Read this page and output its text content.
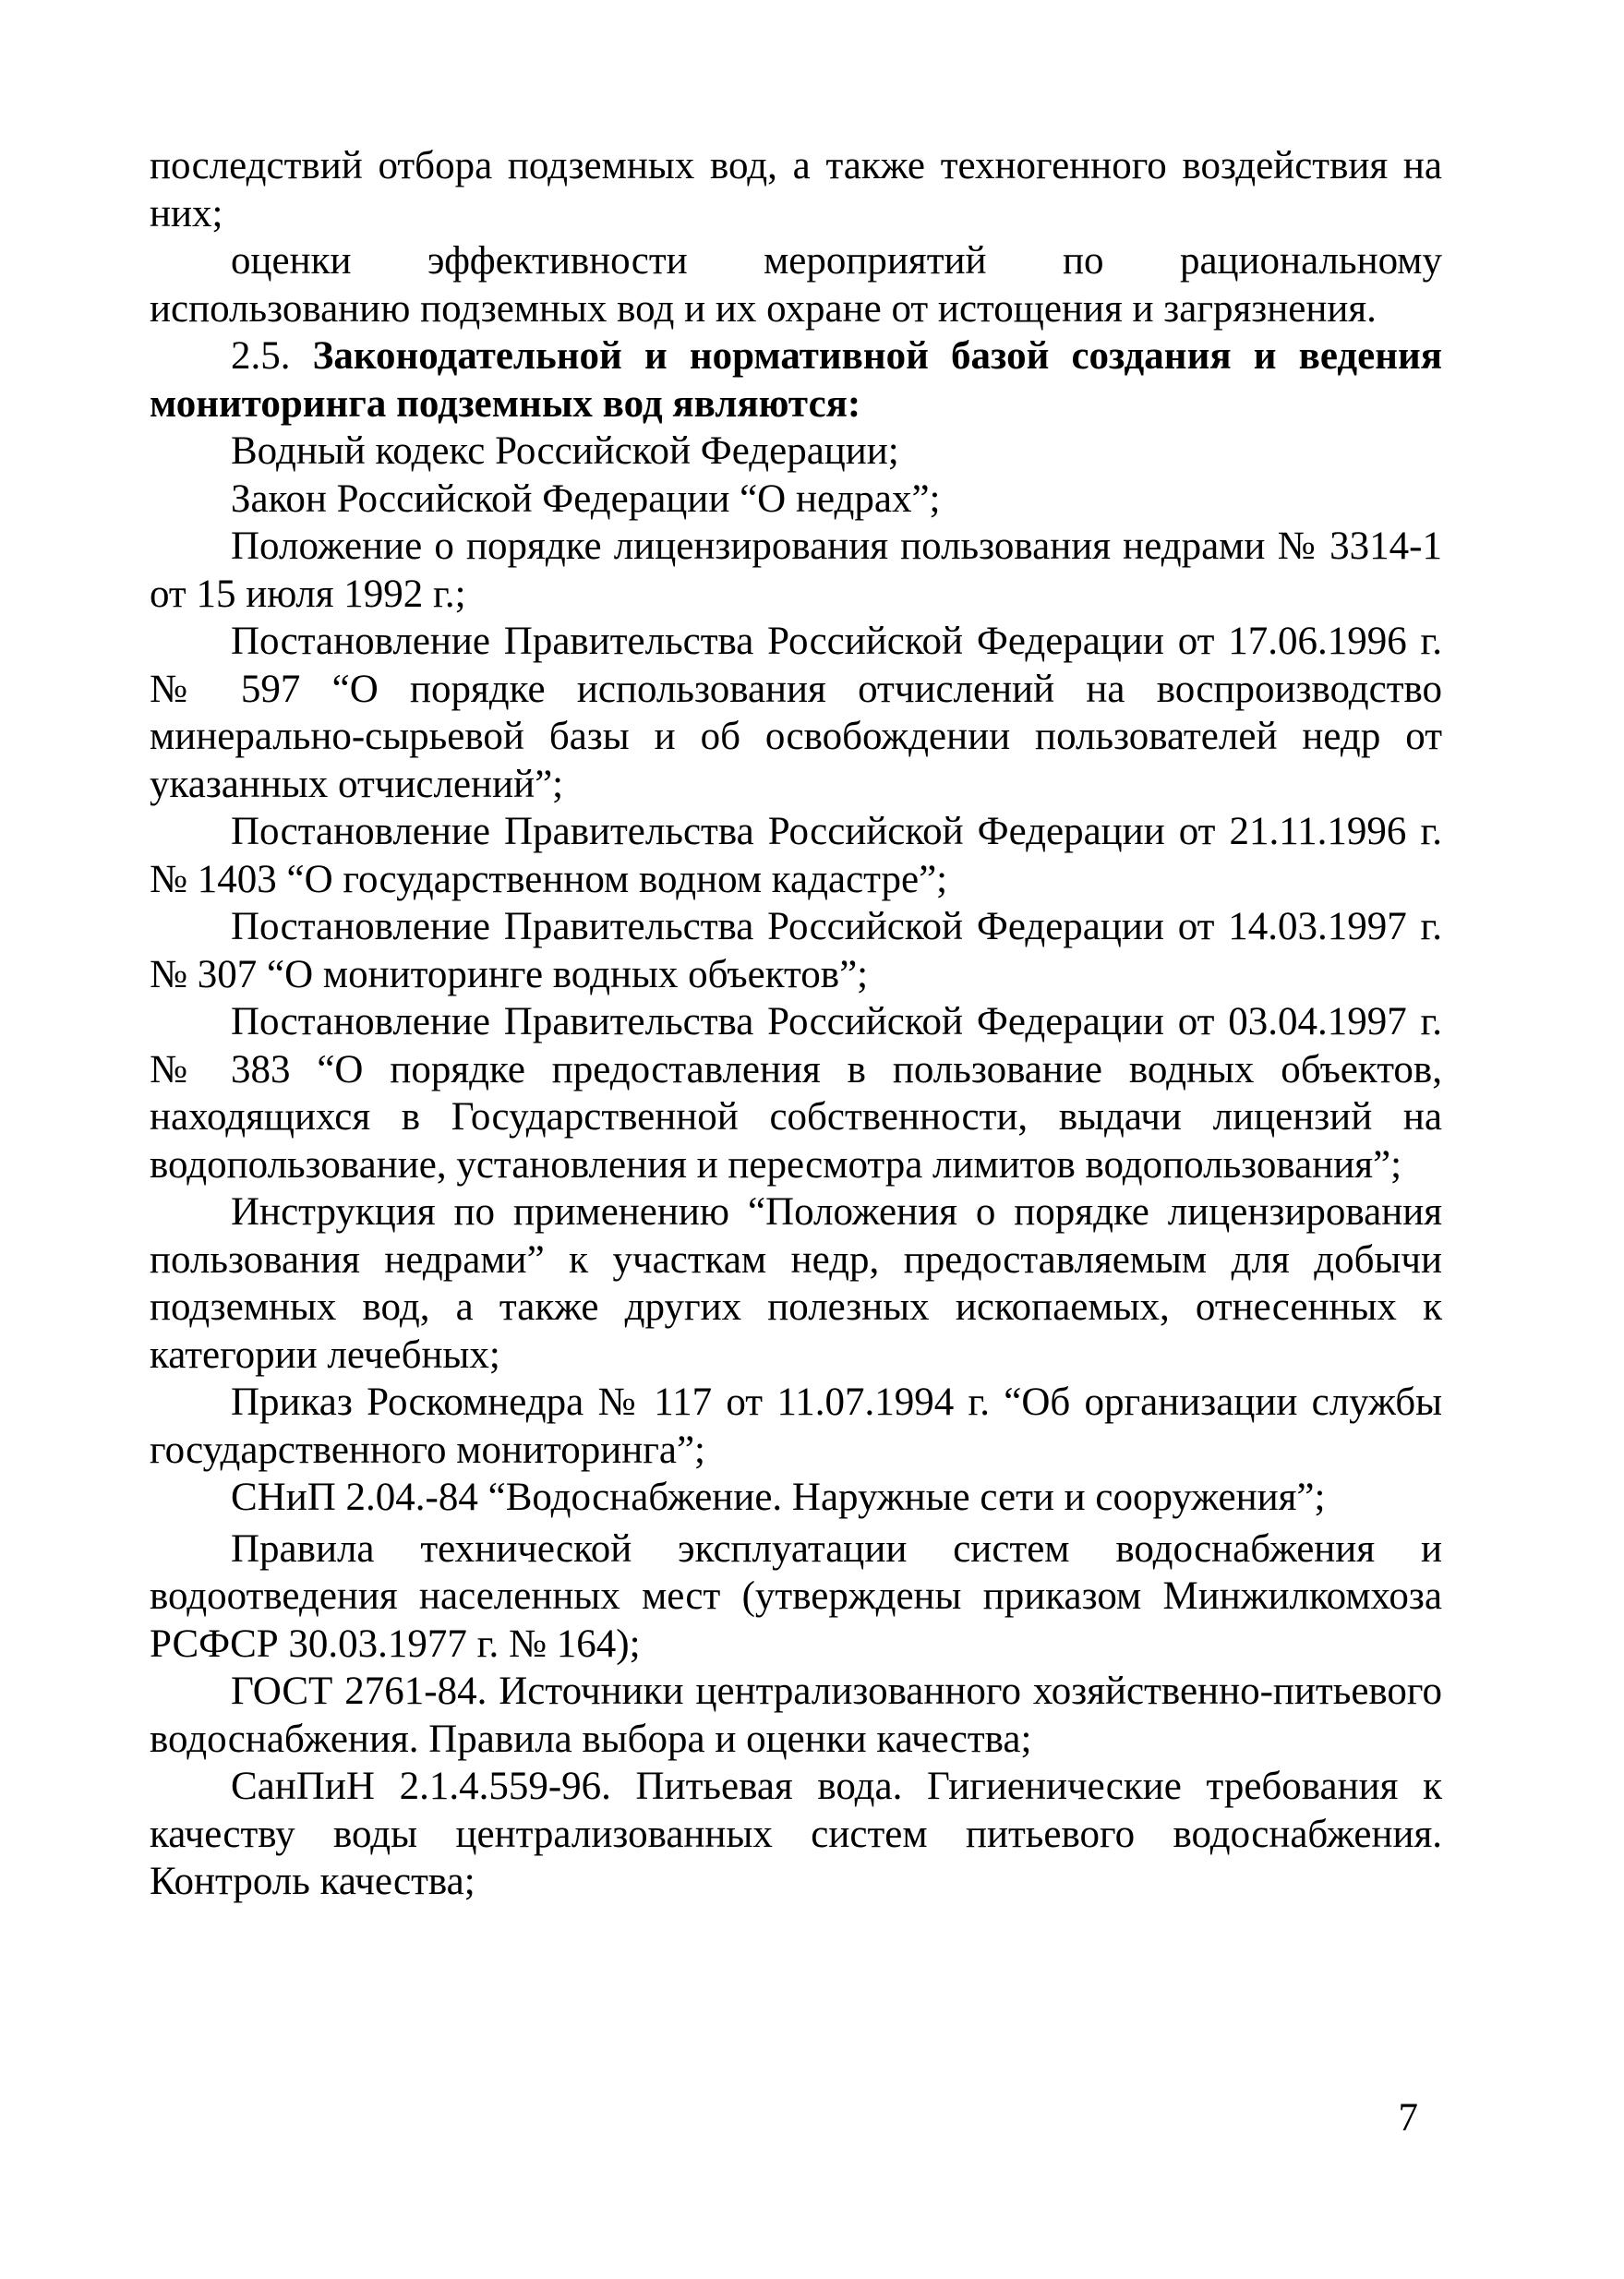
последствий отбора подземных вод, а также техногенного воздействия на них;

оценки эффективности мероприятий по рациональному использованию подземных вод и их охране от истощения и загрязнения.

2.5. Законодательной и нормативной базой создания и ведения мониторинга подземных вод являются:

Водный кодекс Российской Федерации;

Закон Российской Федерации “О недрах”;

Положение о порядке лицензирования пользования недрами № 3314-1 от 15 июля 1992 г.;

Постановление Правительства Российской Федерации от 17.06.1996 г. № 597 “О порядке использования отчислений на воспроизводство минерально-сырьевой базы и об освобождении пользователей недр от указанных отчислений”;

Постановление Правительства Российской Федерации от 21.11.1996 г. № 1403 “О государственном водном кадастре”;

Постановление Правительства Российской Федерации от 14.03.1997 г. № 307 “О мониторинге водных объектов”;

Постановление Правительства Российской Федерации от 03.04.1997 г. № 383 “О порядке предоставления в пользование водных объектов, находящихся в Государственной собственности, выдачи лицензий на водопользование, установления и пересмотра лимитов водопользования”;

Инструкция по применению “Положения о порядке лицензирования пользования недрами” к участкам недр, предоставляемым для добычи подземных вод, а также других полезных ископаемых, отнесенных к категории лечебных;

Приказ Роскомнедра № 117 от 11.07.1994 г. “Об организации службы государственного мониторинга”;

СНиП 2.04.-84 “Водоснабжение. Наружные сети и сооружения”;

Правила технической эксплуатации систем водоснабжения и водоотведения населенных мест (утверждены приказом Минжилкомхоза РСФСР 30.03.1977 г. № 164);

ГОСТ 2761-84. Источники централизованного хозяйственно-питьевого водоснабжения. Правила выбора и оценки качества;

СанПиН 2.1.4.559-96. Питьевая вода. Гигиенические требования к качеству воды централизованных систем питьевого водоснабжения. Контроль качества;

7
